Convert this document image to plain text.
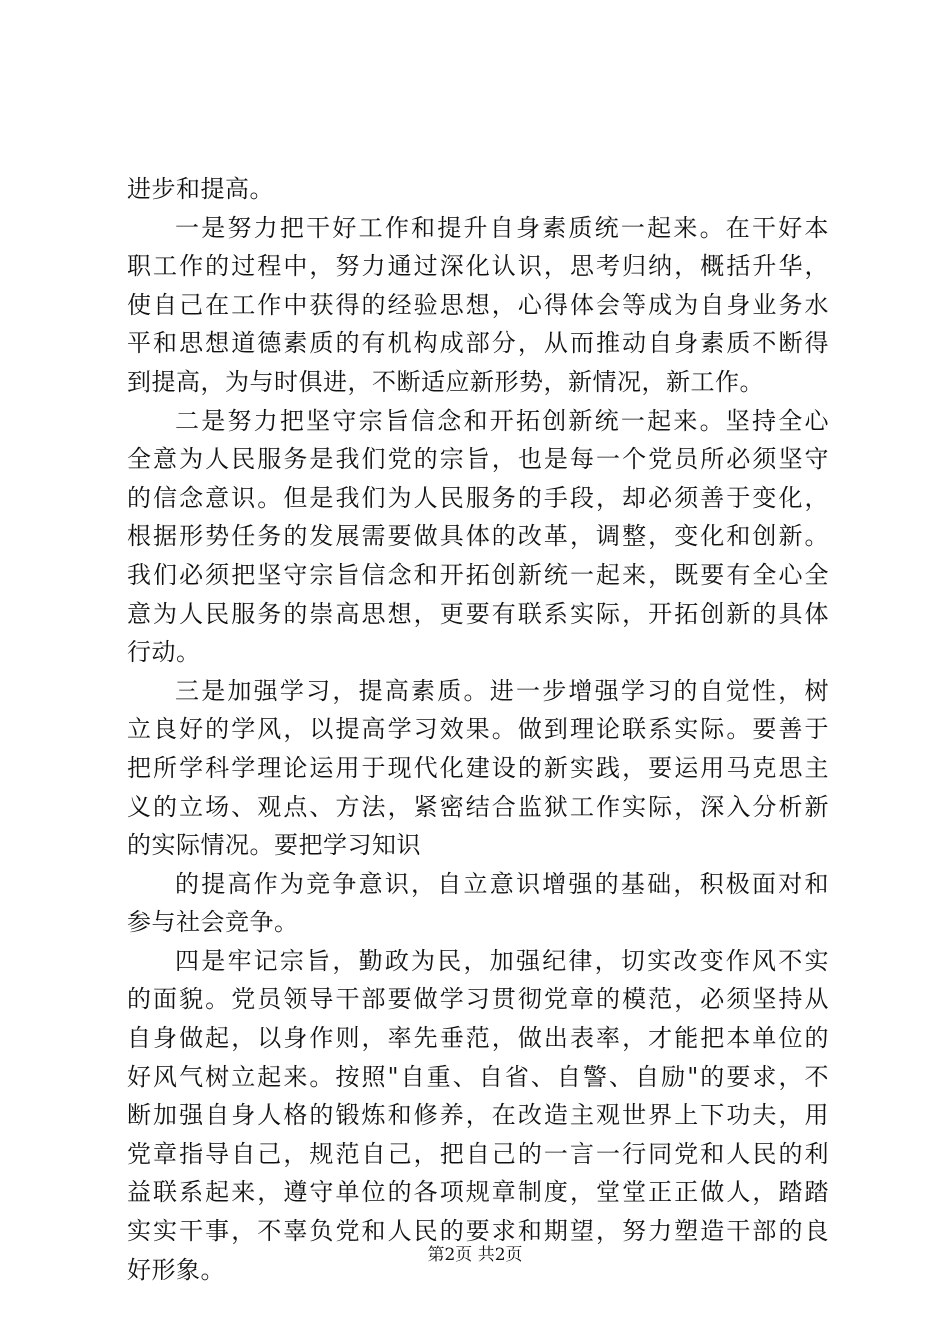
进步和提高。
一是努力把干好工作和提升自身素质统一起来。在干好本
职工作的过程中，努力通过深化认识，思考归纳，概括升华，
使自己在工作中获得的经验思想，心得体会等成为自身业务水
平和思想道德素质的有机构成部分，从而推动自身素质不断得
到提高，为与时俱进，不断适应新形势，新情况，新工作。
二是努力把坚守宗旨信念和开拓创新统一起来。坚持全心
全意为人民服务是我们党的宗旨，也是每一个党员所必须坚守
的信念意识。但是我们为人民服务的手段，却必须善于变化，
根据形势任务的发展需要做具体的改革，调整，变化和创新。
我们必须把坚守宗旨信念和开拓创新统一起来，既要有全心全
意为人民服务的崇高思想，更要有联系实际，开拓创新的具体
行动。
三是加强学习，提高素质。进一步增强学习的自觉性，树
立良好的学风，以提高学习效果。做到理论联系实际。要善于
把所学科学理论运用于现代化建设的新实践，要运用马克思主
义的立场、观点、方法，紧密结合监狱工作实际，深入分析新
的实际情况。要把学习知识
的提高作为竞争意识，自立意识增强的基础，积极面对和
参与社会竞争。
四是牢记宗旨，勤政为民，加强纪律，切实改变作风不实
的面貌。党员领导干部要做学习贯彻党章的模范，必须坚持从
自身做起，以身作则，率先垂范，做出表率，才能把本单位的
好风气树立起来。按照"自重、自省、自警、自励"的要求，不
断加强自身人格的锻炼和修养，在改造主观世界上下功夫，用
党章指导自己，规范自己，把自己的一言一行同党和人民的利
益联系起来，遵守单位的各项规章制度，堂堂正正做人，踏踏
实实干事，不辜负党和人民的要求和期望，努力塑造干部的良
好形象。
第2页 共2页
